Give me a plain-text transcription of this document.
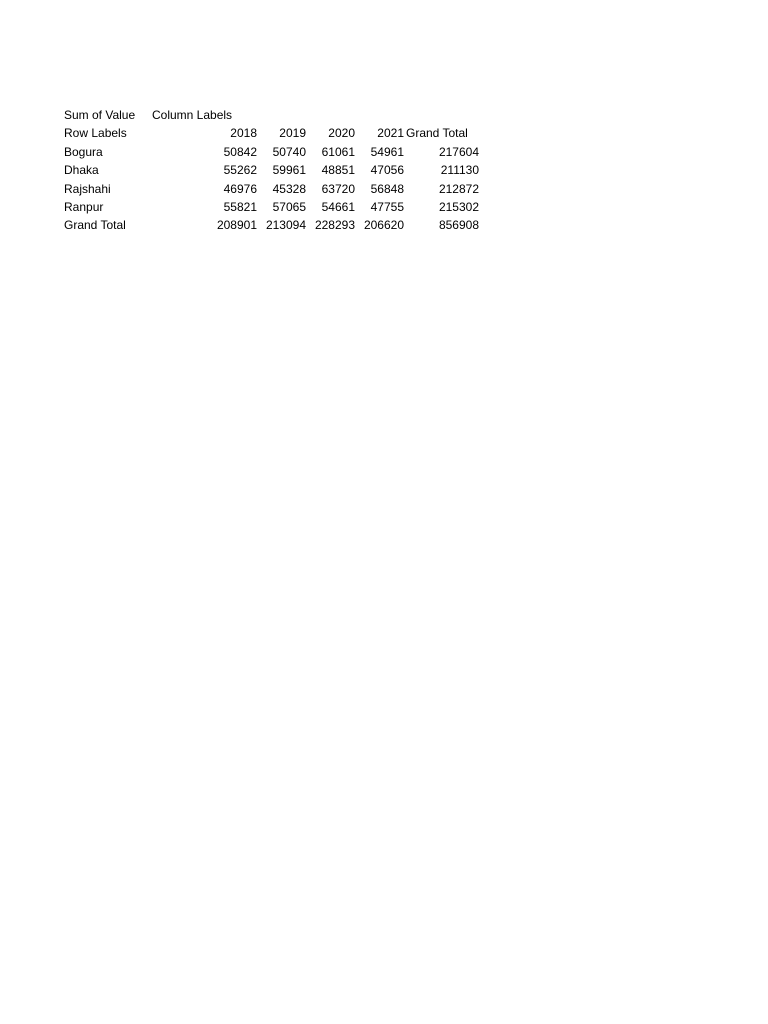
Sum of Value Column Labels
Row Labels	2018 2019 2020 2021 Grand Total
Bogura	50842 50740 61061 54961	217604
Dhaka	55262 59961 48851 47056	211130
Rajshahi	46976 45328 63720 56848	212872
Ranpur	55821 57065 54661 47755	215302
Grand Total	208901 213094 228293 206620	856908
